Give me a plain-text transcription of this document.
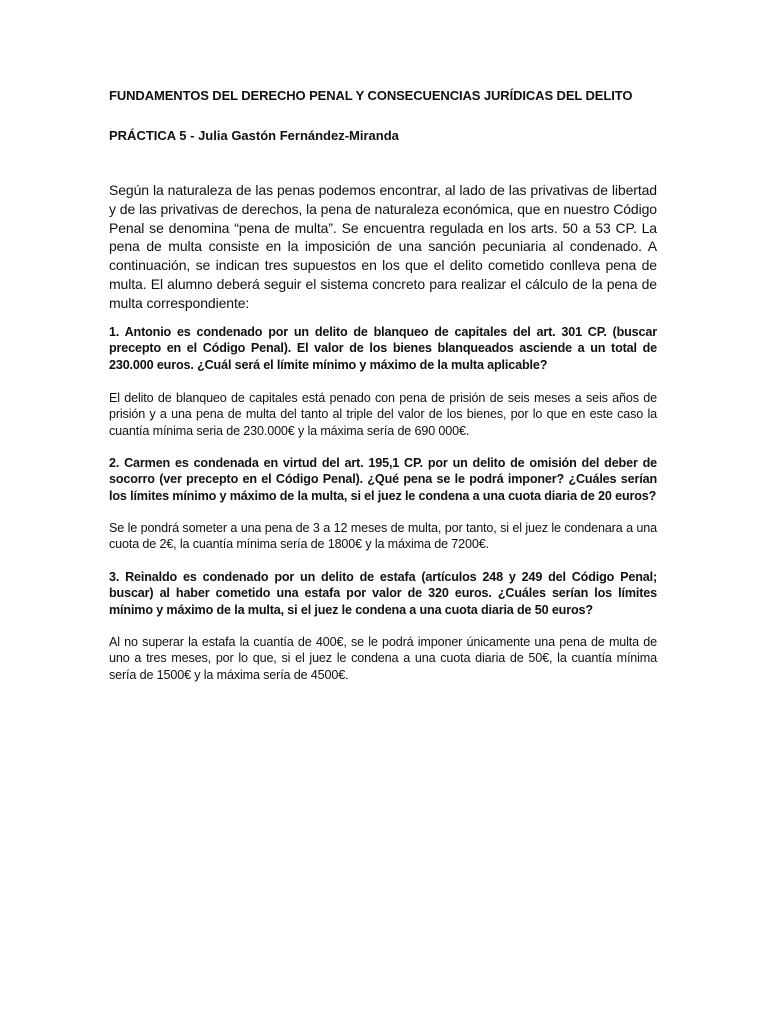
FUNDAMENTOS DEL DERECHO PENAL Y CONSECUENCIAS JURÍDICAS DEL DELITO
PRÁCTICA 5 - Julia Gastón Fernández-Miranda
Según la naturaleza de las penas podemos encontrar, al lado de las privativas de libertad y de las privativas de derechos, la pena de naturaleza económica, que en nuestro Código Penal se denomina “pena de multa”. Se encuentra regulada en los arts. 50 a 53 CP. La pena de multa consiste en la imposición de una sanción pecuniaria al condenado. A continuación, se indican tres supuestos en los que el delito cometido conlleva pena de multa. El alumno deberá seguir el sistema concreto para realizar el cálculo de la pena de multa correspondiente:
1. Antonio es condenado por un delito de blanqueo de capitales del art. 301 CP. (buscar precepto en el Código Penal). El valor de los bienes blanqueados asciende a un total de 230.000 euros. ¿Cuál será el límite mínimo y máximo de la multa aplicable?
El delito de blanqueo de capitales está penado con pena de prisión de seis meses a seis años de prisión y a una pena de multa del tanto al triple del valor de los bienes, por lo que en este caso la cuantía mínima seria de 230.000€ y la máxima sería de 690 000€.
2. Carmen es condenada en virtud del art. 195,1 CP. por un delito de omisión del deber de socorro (ver precepto en el Código Penal). ¿Qué pena se le podrá imponer? ¿Cuáles serían los límites mínimo y máximo de la multa, si el juez le condena a una cuota diaria de 20 euros?
Se le pondrá someter a una pena de 3 a 12 meses de multa, por tanto, si el juez le condenara a una cuota de 2€, la cuantía mínima sería de 1800€ y la máxima de 7200€.
3. Reinaldo es condenado por un delito de estafa (artículos 248 y 249 del Código Penal; buscar) al haber cometido una estafa por valor de 320 euros. ¿Cuáles serían los límites mínimo y máximo de la multa, si el juez le condena a una cuota diaria de 50 euros?
Al no superar la estafa la cuantía de 400€, se le podrá imponer únicamente una pena de multa de uno a tres meses, por lo que, si el juez le condena a una cuota diaria de 50€, la cuantía mínima sería de 1500€ y la máxima sería de 4500€.
